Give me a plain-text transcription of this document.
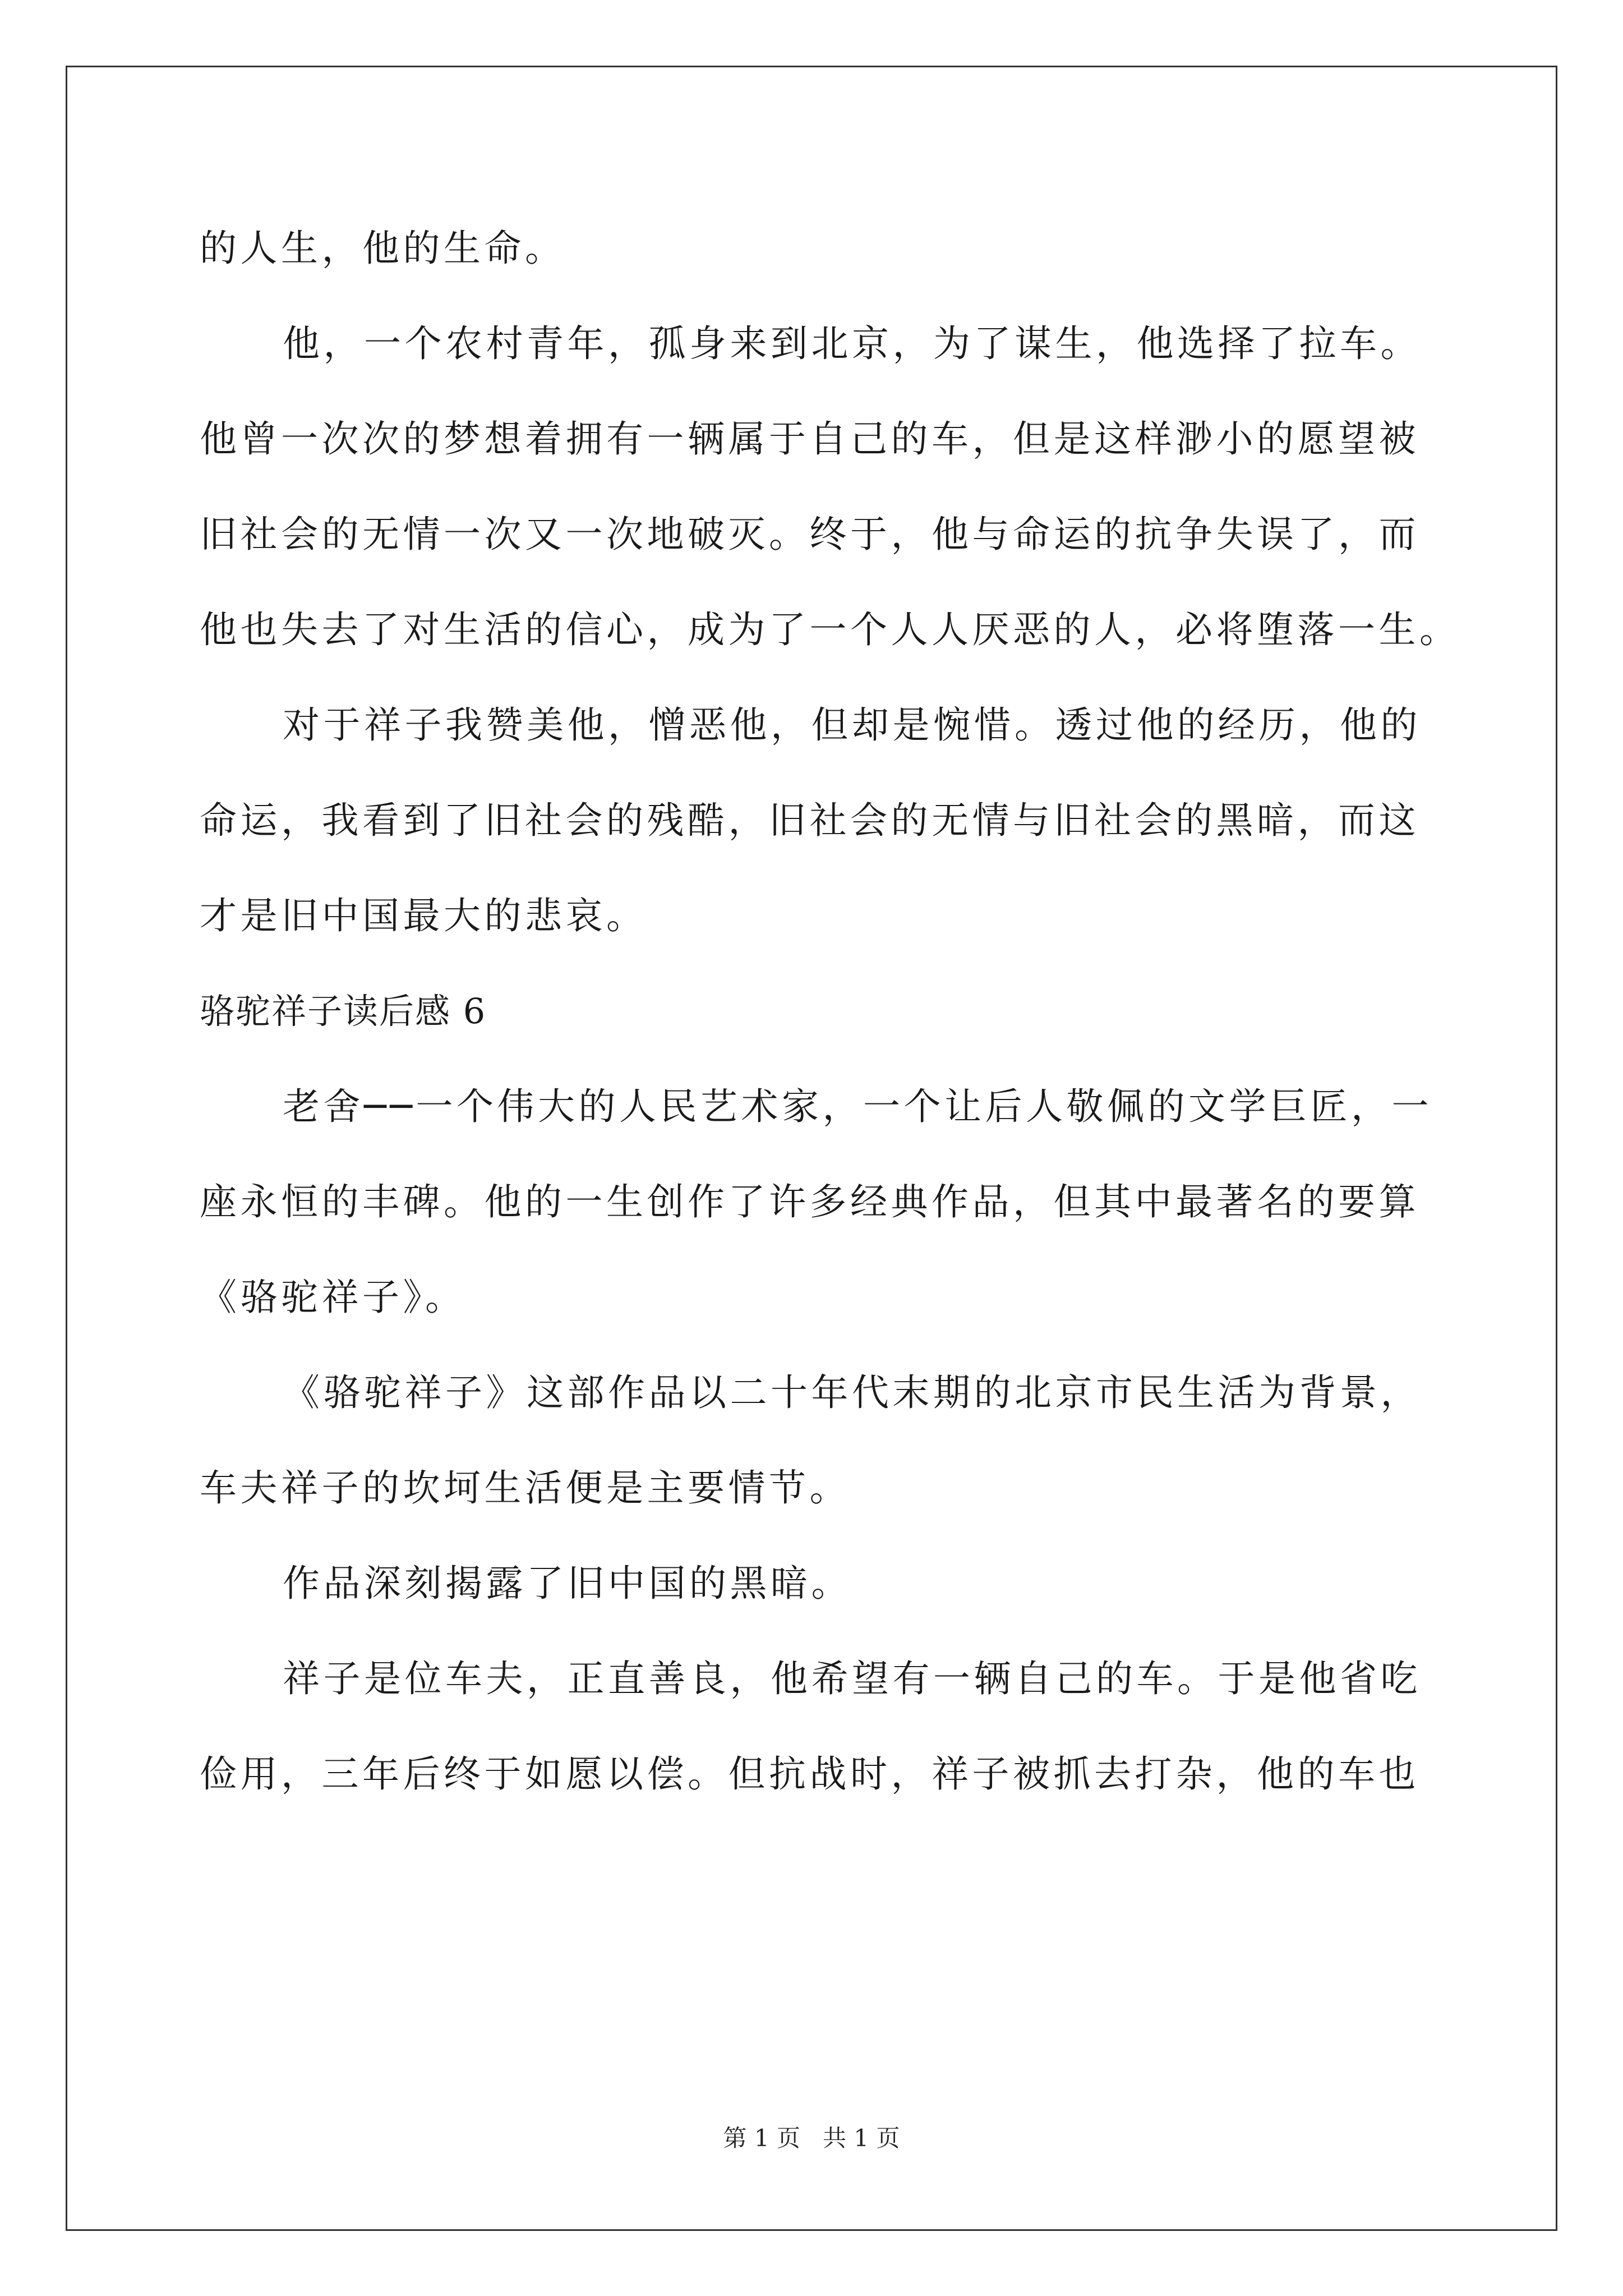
的人生，他的生命。
他，一个农村青年，孤身来到北京，为了谋生，他选择了拉车。
他曾一次次的梦想着拥有一辆属于自己的车，但是这样渺小的愿望被
旧社会的无情一次又一次地破灭。终于，他与命运的抗争失误了，而
他也失去了对生活的信心，成为了一个人人厌恶的人，必将堕落一生。
对于祥子我赞美他，憎恶他，但却是惋惜。透过他的经历，他的
命运，我看到了旧社会的残酷，旧社会的无情与旧社会的黑暗，而这
才是旧中国最大的悲哀。
骆驼祥子读后感 6
老舍──一个伟大的人民艺术家，一个让后人敬佩的文学巨匠，一
座永恒的丰碑。他的一生创作了许多经典作品，但其中最著名的要算
《骆驼祥子》。
《骆驼祥子》这部作品以二十年代末期的北京市民生活为背景，
车夫祥子的坎坷生活便是主要情节。
作品深刻揭露了旧中国的黑暗。
祥子是位车夫，正直善良，他希望有一辆自己的车。于是他省吃
俭用，三年后终于如愿以偿。但抗战时，祥子被抓去打杂，他的车也
第 1 页   共 1 页
